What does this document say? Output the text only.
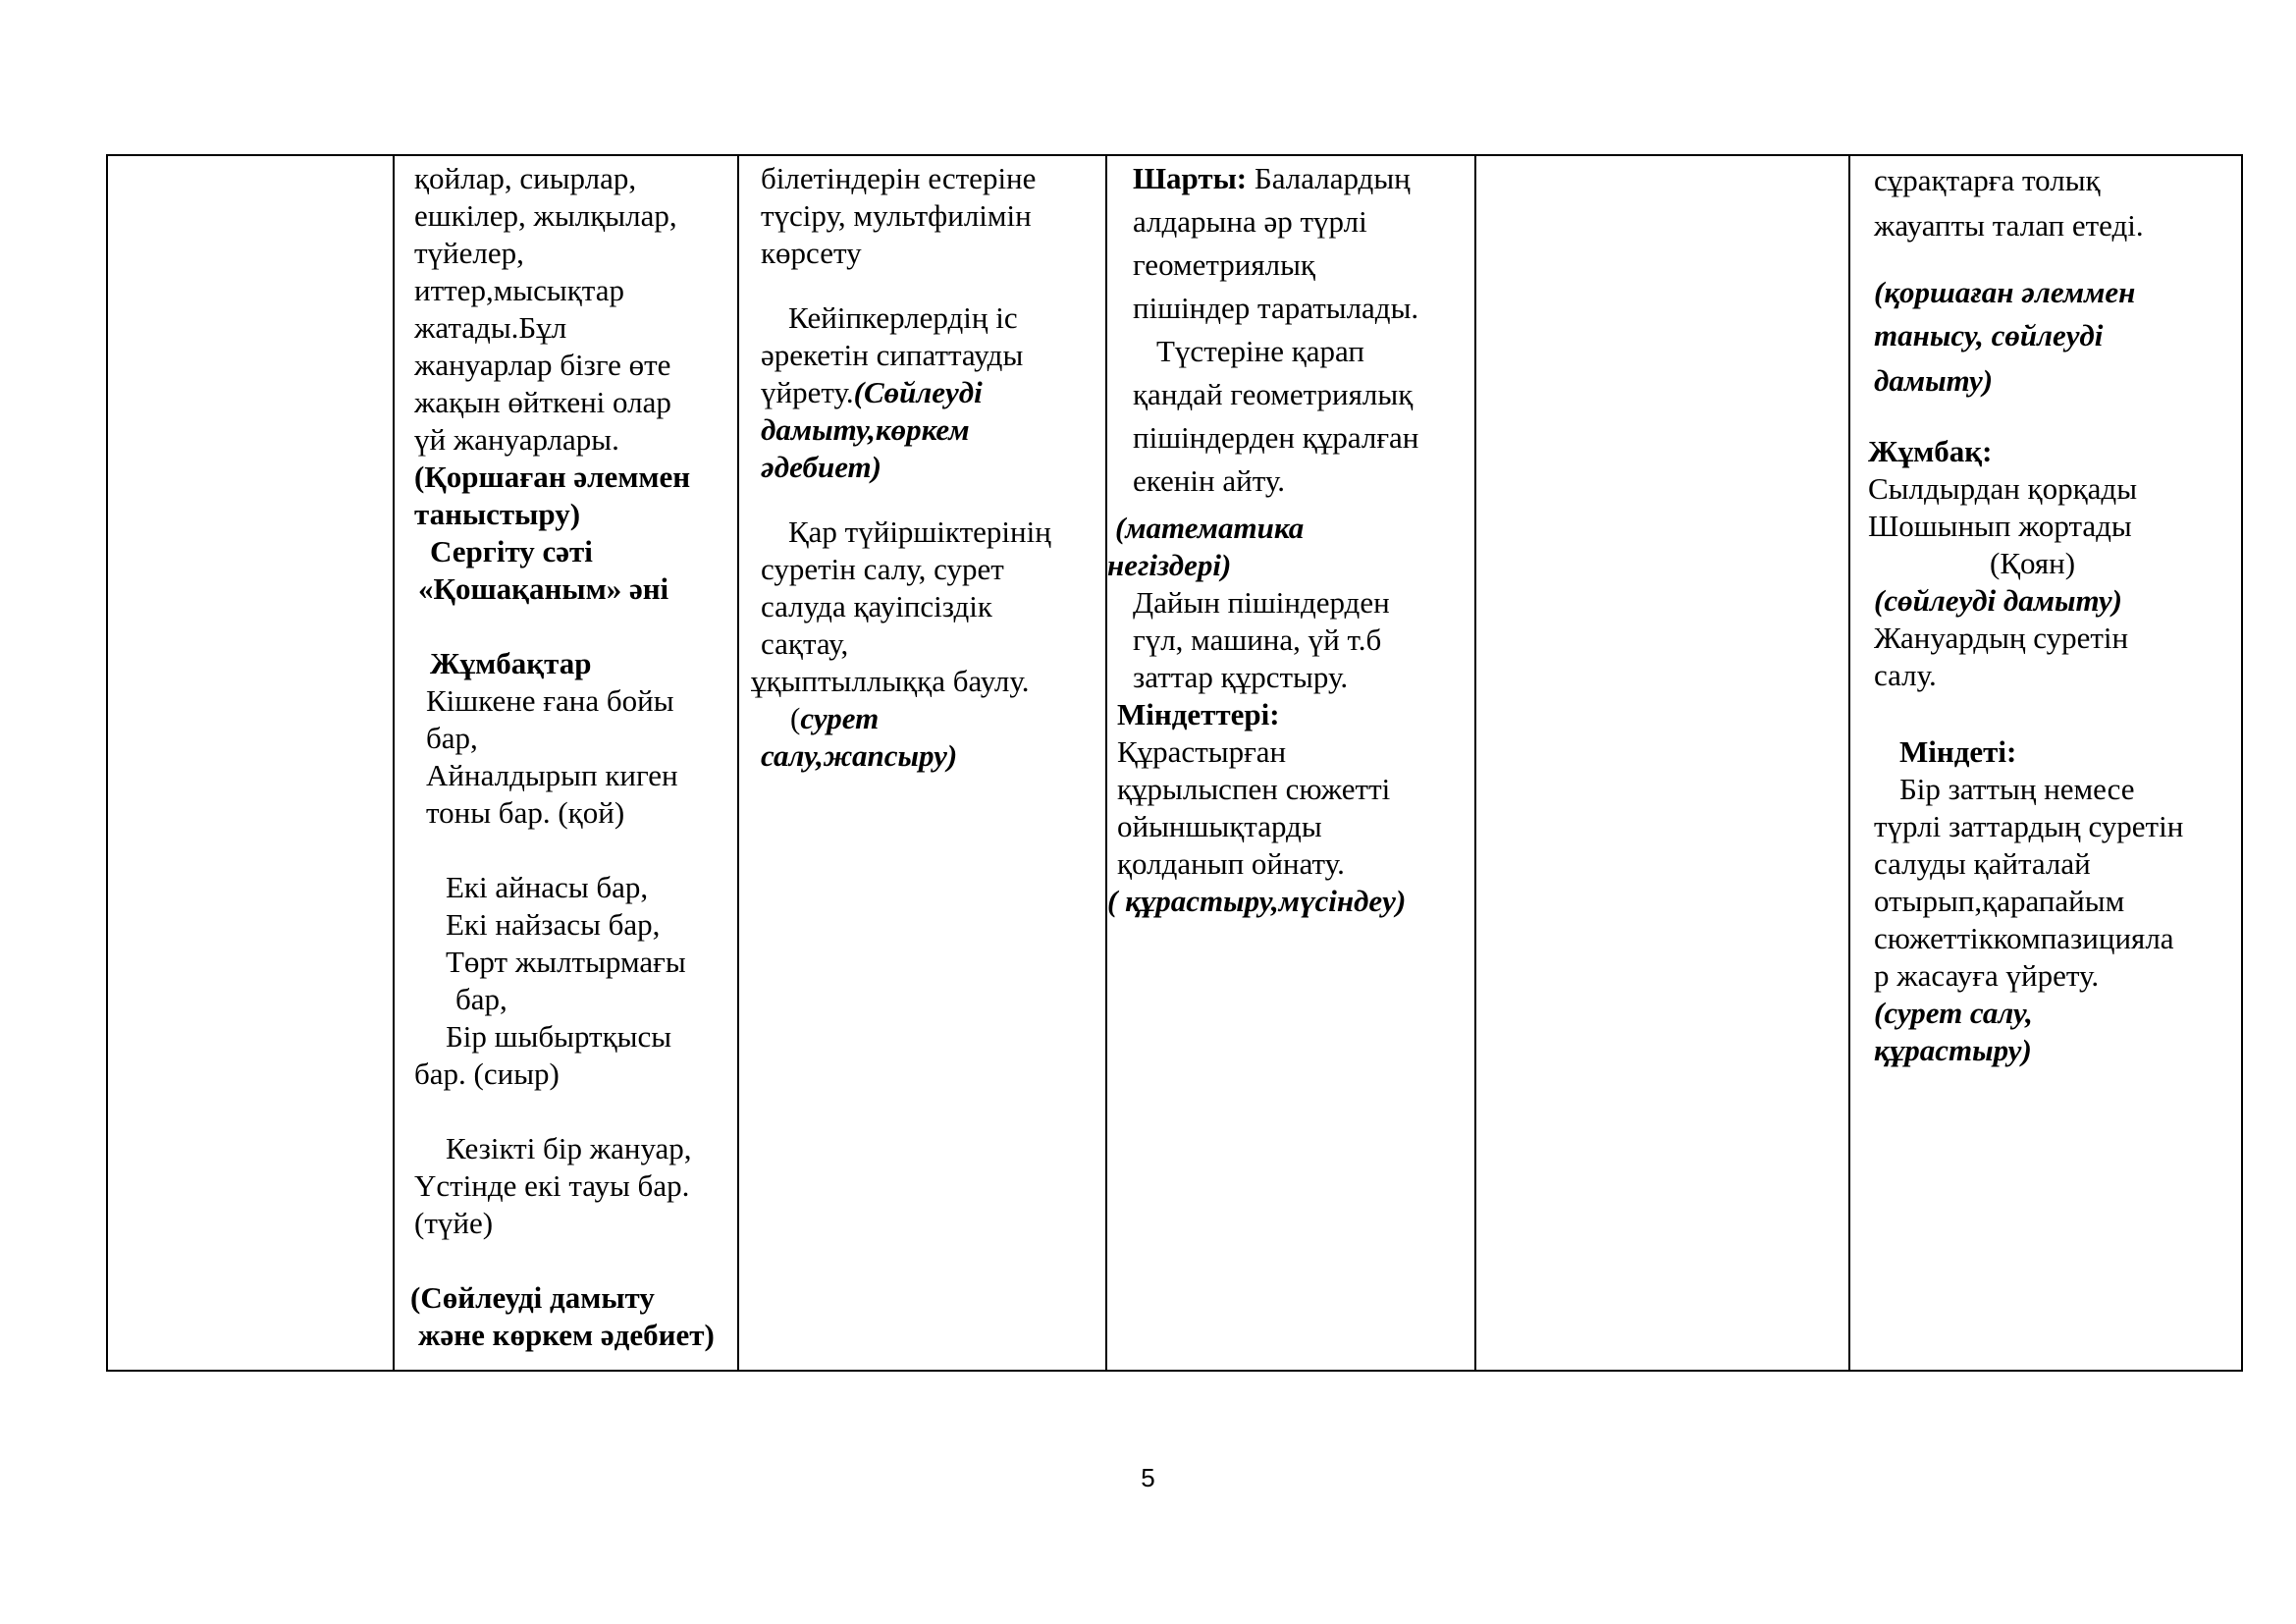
қойлар, сиырлар,
ешкілер, жылқылар,
түйелер,
иттер,мысықтар
жатады.Бұл
жануарлар бізге өте
жақын өйткені олар
үй жануарлары.
(Қоршаған әлеммен
таныстыру)
Сергіту сәті
«Қошақаным» әні
Жұмбақтар
Кішкене ғана бойы
бар,
Айналдырып киген
тоны бар. (қой)
Екі айнасы бар,
Екі найзасы бар,
Төрт жылтырмағы
бар,
Бір шыбыртқысы
бар. (сиыр)
Кезікті бір жануар,
Үстінде екі тауы бар.
(түйе)
(Сөйлеуді дамыту
және көркем әдебиет)
білетіндерін естеріне
түсіру, мультфилімін
көрсету
Кейіпкерлердің іс
әрекетін сипаттауды
үйрету.(Сөйлеуді
дамыту,көркем
әдебиет)
Қар түйіршіктерінің
суретін салу, сурет
салуда қауіпсіздік
сақтау,
ұқыптыллыққа баулу.
(сурет
салу,жапсыру)
Шарты: Балалардың
алдарына әр түрлі
геометриялық
пішіндер таратылады.
Түстеріне қарап
қандай геометриялық
пішіндерден құралған
екенін айту.
(математика
негіздері)
Дайын пішіндерден
гүл, машина, үй т.б
заттар құрстыру.
Міндеттері:
Құрастырған
құрылыспен сюжетті
ойыншықтарды
қолданып ойнату.
( құрастыру,мүсіндеу)
сұрақтарға толық
жауапты талап етеді.
(қоршаған әлеммен
танысу, сөйлеуді
дамыту)
Жұмбақ:
Сылдырдан қорқады
Шошынып жортады
(Қоян)
(сөйлеуді дамыту)
Жануардың суретін
салу.
Міндеті:
Бір заттың немесе
түрлі заттардың суретін
салуды қайталай
отырып,қарапайым
сюжеттіккомпазицияла
р жасауға үйрету.
(сурет салу,
құрастыру)
5
